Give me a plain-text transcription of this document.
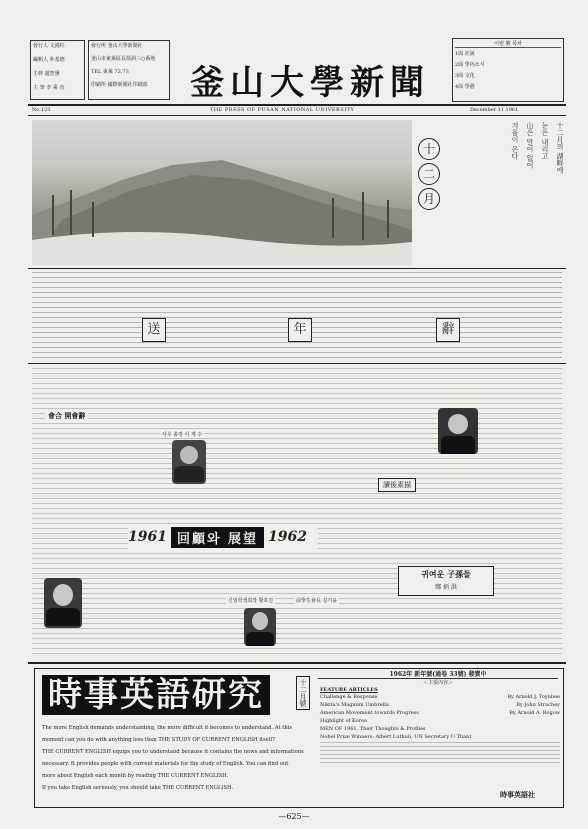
發行人 文鴻柱
編輯人 朴基德
主幹 趙智熏
主 筆 李 乘 直
發行所 釜山大學新聞社
釜山市東萊區長箭洞三○番地
TEL 東萊 72,73
印刷所 國際新聞社印刷部	釜山大學新聞
이번 號 목차
1面 社說
2面 學內소식
3面 文化
4面 學藝
No.123	THE PRESS OF PUSAN NATIONAL UNIVERSITY	December 11 1961
十
二
月
十二月의 湖畔에
눈은 내리고
山은 말이 없어
겨울이 온다
送	年	辭
會合 開會辭
사우 총장 이 재 수
1961 回顧와 展望 1962
신임학생회장 황호진	前學生會長 김기윤
讀後素描
귀여운 子孫들
鄭 炳 洪
時事英語研究	十二月號
1962年 新年號(通卷 33號) 發賣中
＜主要內容＞
FEATURE ARTICLES
Challenge & Response	By Arnold J. Toynbee
Nikita's Magnum Umbrella	By John Strachey
American Movement towards Progress	By Arnold A. Rogow
Highlight of Korea
MEN OF 1961, Their Thoughts & Profiles
Nobel Prize Winners: Albert Luthuli, UN Secretary U Thant
The more English demands understanding, the more difficult it becomes to understand. At this
moment can you do with anything less than THE STUDY OF CURRENT ENGLISH itself?
THE CURRENT ENGLISH equips you to understand because it contains the news and informations
necessary. It provides people with current materials for the study of English. You can find out
more about English each month by reading THE CURRENT ENGLISH.
If you take English seriously, you should take THE CURRENT ENGLISH.
時事英語社
—625—
